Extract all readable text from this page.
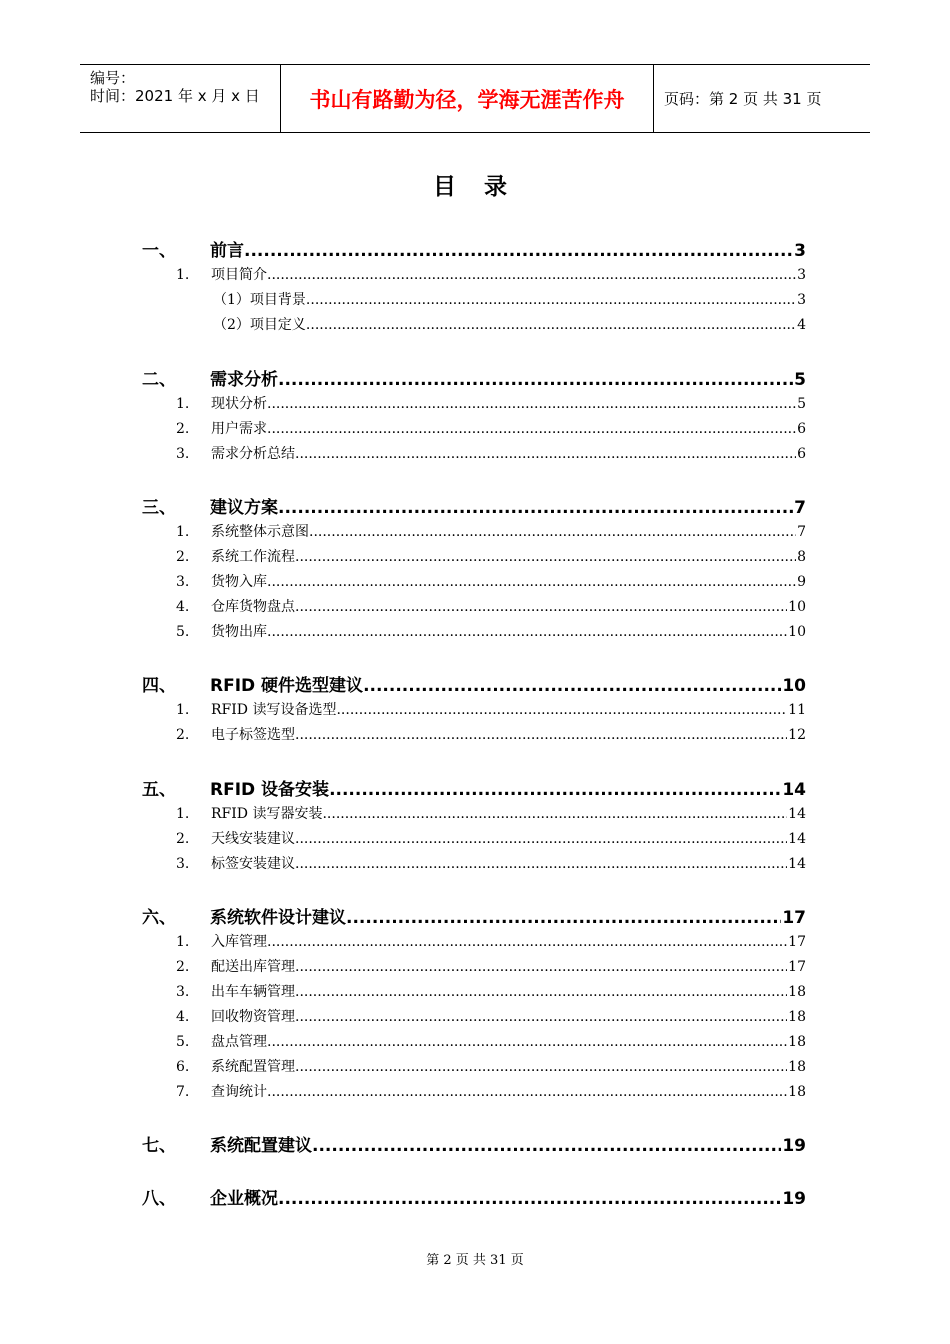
编号：
时间：2021 年 x 月 x 日	书山有路勤为径，学海无涯苦作舟	页码：第 2 页 共 31 页
目 录
一、	前言 .....	3
1.	项目简介 .....	3
（1）项目背景 .....	3
（2）项目定义 .....	4
二、	需求分析 .....	5
1.	现状分析 .....	5
2.	用户需求 .....	6
3.	需求分析总结 .....	6
三、	建议方案 .....	7
1.	系统整体示意图 .....	7
2.	系统工作流程 .....	8
3.	货物入库 .....	9
4.	仓库货物盘点 .....	10
5.	货物出库 .....	10
四、	RFID 硬件选型建议 .....	10
1.	RFID 读写设备选型 .....	11
2.	电子标签选型 .....	12
五、	RFID 设备安装 .....	14
1.	RFID 读写器安装 .....	14
2.	天线安装建议 .....	14
3.	标签安装建议 .....	14
六、	系统软件设计建议 .....	17
1.	入库管理 .....	17
2.	配送出库管理 .....	17
3.	出车车辆管理 .....	18
4.	回收物资管理 .....	18
5.	盘点管理 .....	18
6.	系统配置管理 .....	18
7.	查询统计 .....	18
七、	系统配置建议 .....	19
八、	企业概况 .....	19
第 2 页 共 31 页
